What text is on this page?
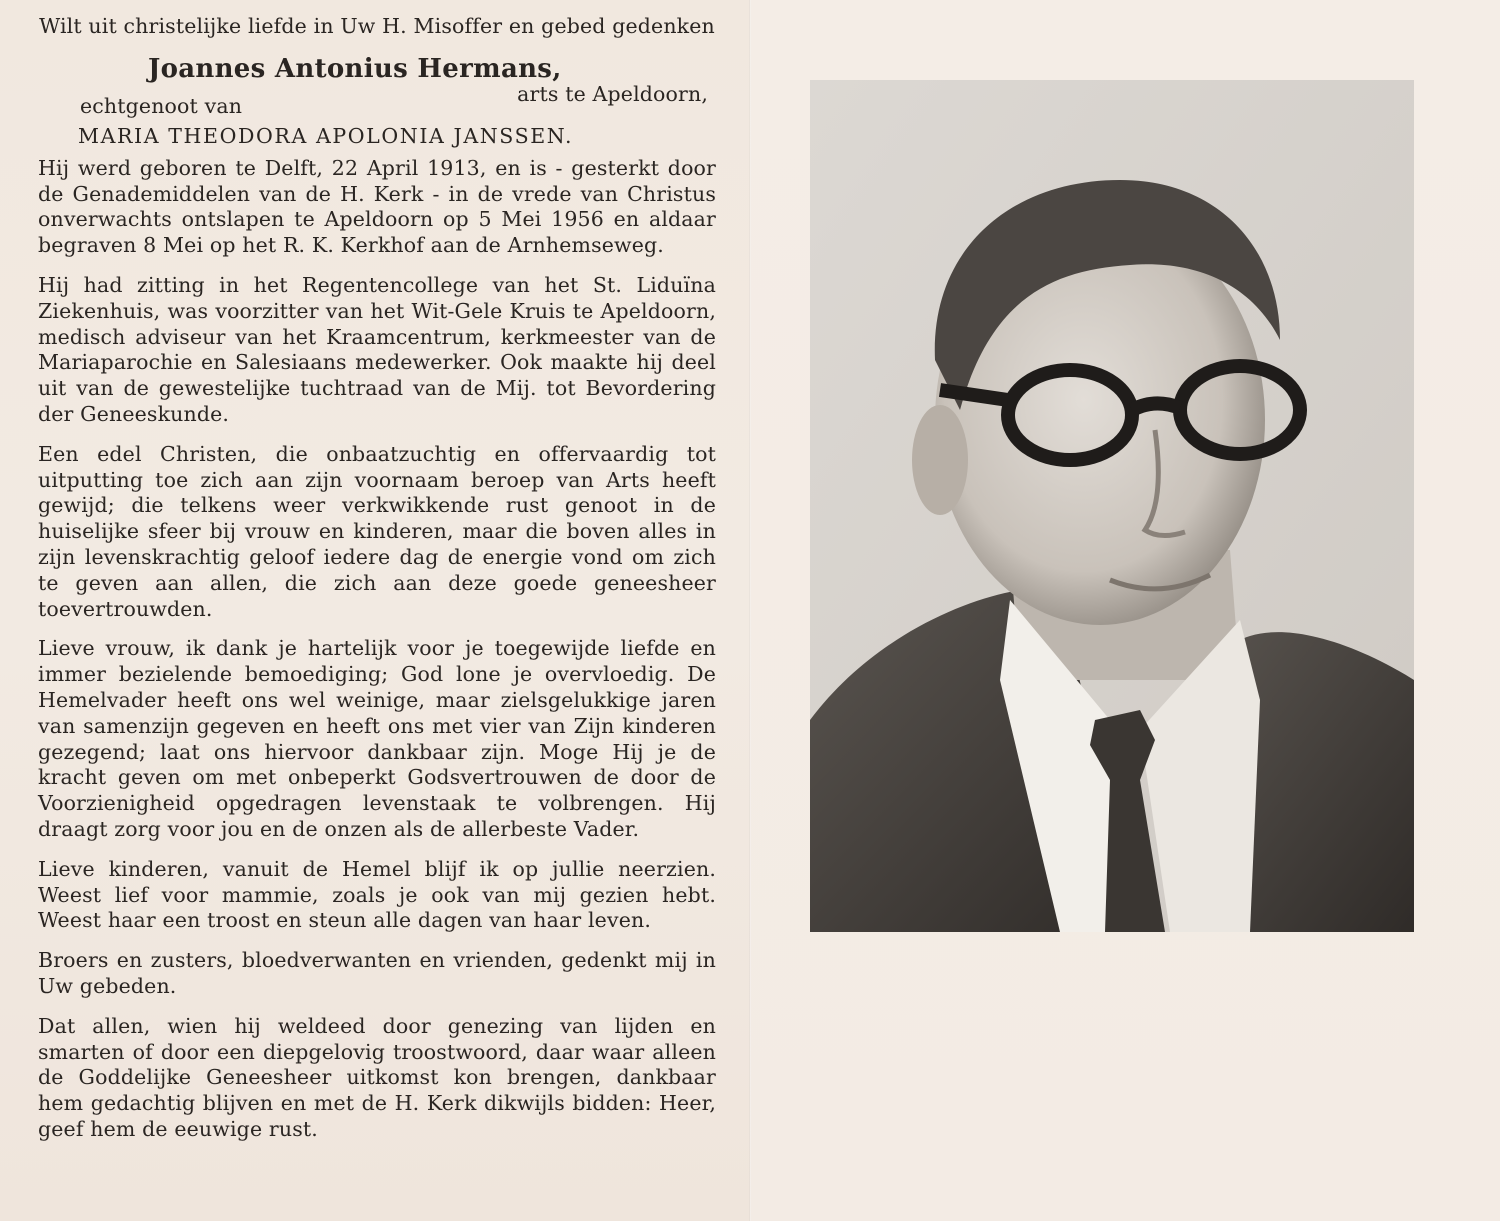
Wilt uit christelijke liefde in Uw H. Misoffer en gebed gedenken

Joannes Antonius Hermans,
echtgenoot van	arts te Apeldoorn,
MARIA THEODORA APOLONIA JANSSEN.

Hij werd geboren te Delft, 22 April 1913, en is - gesterkt door de Genademiddelen van de H. Kerk - in de vrede van Christus onverwachts ontslapen te Apeldoorn op 5 Mei 1956 en aldaar begraven 8 Mei op het R. K. Kerkhof aan de Arnhemseweg.

Hij had zitting in het Regentencollege van het St. Liduïna Ziekenhuis, was voorzitter van het Wit-Gele Kruis te Apeldoorn, medisch adviseur van het Kraamcentrum, kerkmeester van de Mariaparochie en Salesiaans medewerker. Ook maakte hij deel uit van de gewestelijke tuchtraad van de Mij. tot Bevordering der Geneeskunde.

Een edel Christen, die onbaatzuchtig en offervaardig tot uitputting toe zich aan zijn voornaam beroep van Arts heeft gewijd; die telkens weer verkwikkende rust genoot in de huiselijke sfeer bij vrouw en kinderen, maar die boven alles in zijn levenskrachtig geloof iedere dag de energie vond om zich te geven aan allen, die zich aan deze goede geneesheer toevertrouwden.

Lieve vrouw, ik dank je hartelijk voor je toegewijde liefde en immer bezielende bemoediging; God lone je overvloedig. De Hemelvader heeft ons wel weinige, maar zielsgelukkige jaren van samenzijn gegeven en heeft ons met vier van Zijn kinderen gezegend; laat ons hiervoor dankbaar zijn. Moge Hij je de kracht geven om met onbeperkt Godsvertrouwen de door de Voorzienigheid opgedragen levenstaak te volbrengen. Hij draagt zorg voor jou en de onzen als de allerbeste Vader.

Lieve kinderen, vanuit de Hemel blijf ik op jullie neerzien. Weest lief voor mammie, zoals je ook van mij gezien hebt. Weest haar een troost en steun alle dagen van haar leven.

Broers en zusters, bloedverwanten en vrienden, gedenkt mij in Uw gebeden.

Dat allen, wien hij weldeed door genezing van lijden en smarten of door een diepgelovig troostwoord, daar waar alleen de Goddelijke Geneesheer uitkomst kon brengen, dankbaar hem gedachtig blijven en met de H. Kerk dikwijls bidden: Heer, geef hem de eeuwige rust.
